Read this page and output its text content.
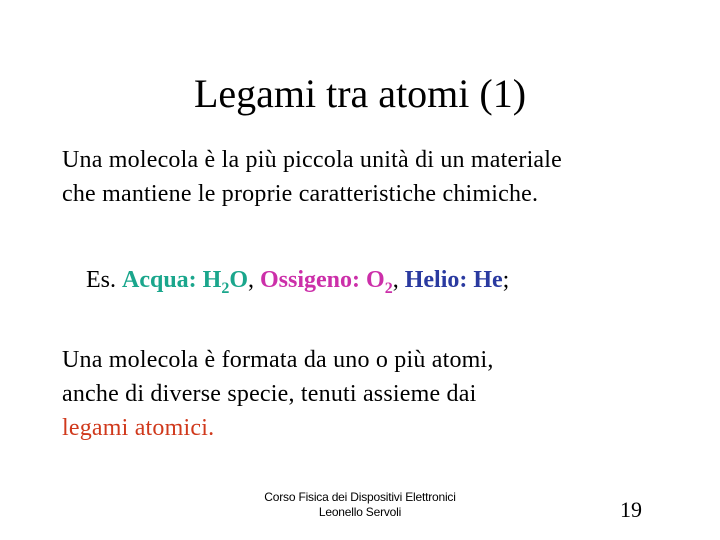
Legami tra atomi (1)
Una molecola è la più piccola unità di un materiale
che mantiene le proprie caratteristiche chimiche.
Es. Acqua: $H_2O$, Ossigeno: $O_2$, Helio: He;
Una molecola è formata da uno o più atomi,
anche di diverse specie, tenuti assieme dai
legami atomici.
Corso Fisica dei Dispositivi Elettronici
Leonello Servoli	19
